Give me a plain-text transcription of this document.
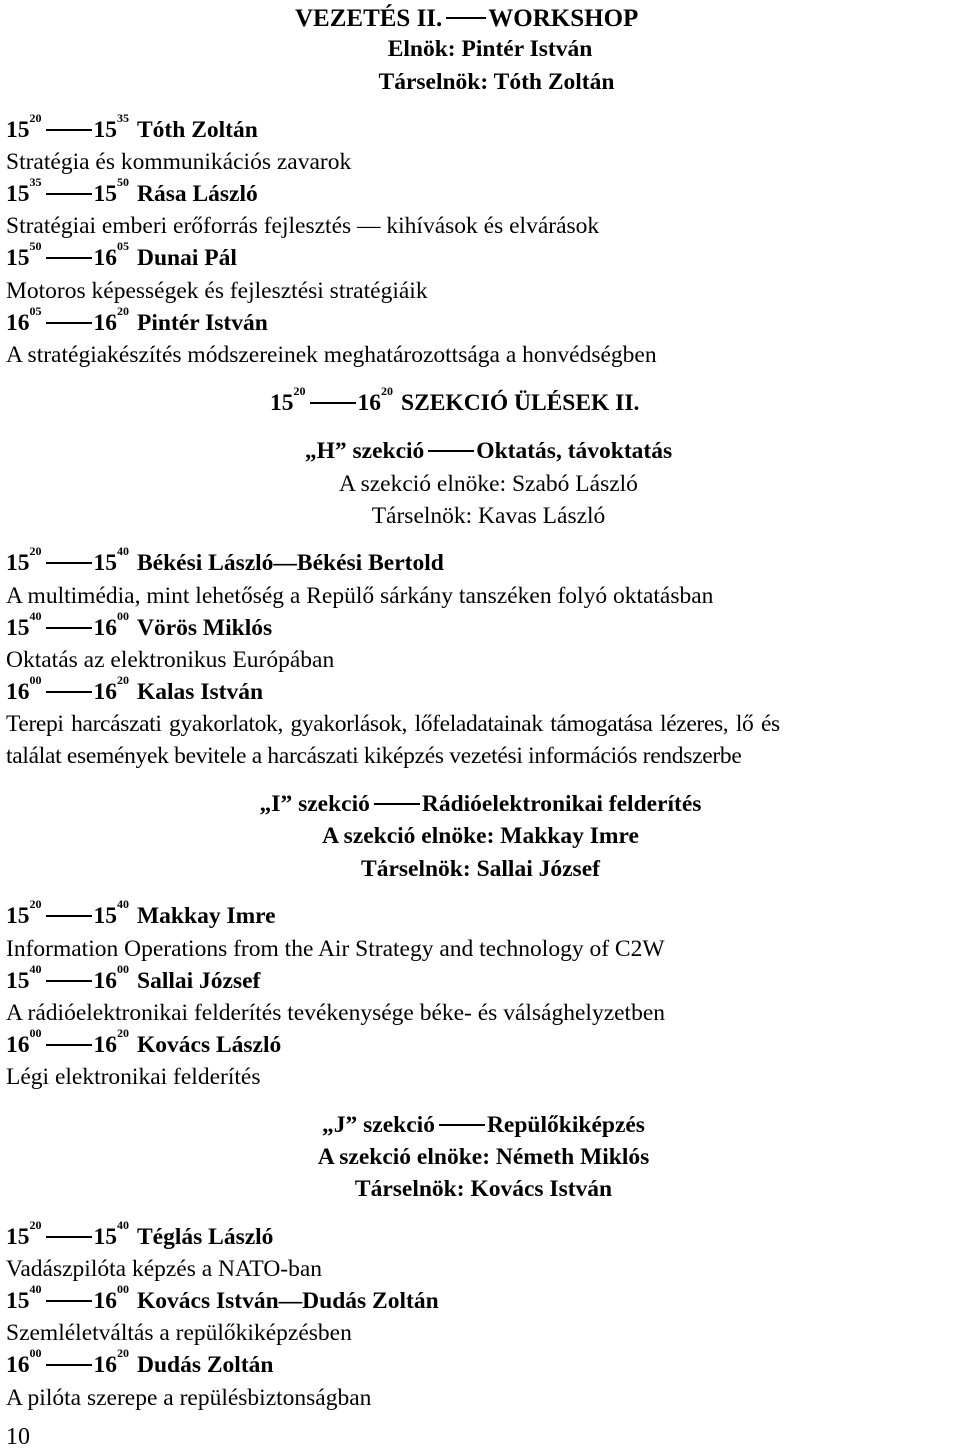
VEZETÉS II. WORKSHOP
Elnök: Pintér István
Társelnök: Tóth Zoltán
$15^{20}$ $15^{35}$ Tóth Zoltán
Stratégia és kommunikációs zavarok
$15^{35}$ $15^{50}$ Rása László
Stratégiai emberi erőforrás fejlesztés — kihívások és elvárások
$15^{50}$ $16^{05}$ Dunai Pál
Motoros képességek és fejlesztési stratégiáik
$16^{05}$ $16^{20}$ Pintér István
A stratégiakészítés módszereinek meghatározottsága a honvédségben
$15^{20}$ $16^{20}$ SZEKCIÓ ÜLÉSEK II.
„H” szekció Oktatás, távoktatás
A szekció elnöke: Szabó László
Társelnök: Kavas László
$15^{20}$ $15^{40}$ Békési László—Békési Bertold
A multimédia, mint lehetőség a Repülő sárkány tanszéken folyó oktatásban
$15^{40}$ $16^{00}$ Vörös Miklós
Oktatás az elektronikus Európában
$16^{00}$ $16^{20}$ Kalas István
Terepi harcászati gyakorlatok, gyakorlások, lőfeladatainak támogatása lézeres, lő és
találat események bevitele a harcászati kiképzés vezetési információs rendszerbe
„I” szekció Rádióelektronikai felderítés
A szekció elnöke: Makkay Imre
Társelnök: Sallai József
$15^{20}$ $15^{40}$ Makkay Imre
Information Operations from the Air Strategy and technology of C2W
$15^{40}$ $16^{00}$ Sallai József
A rádióelektronikai felderítés tevékenysége béke- és válsághelyzetben
$16^{00}$ $16^{20}$ Kovács László
Légi elektronikai felderítés
„J” szekció Repülőkiképzés
A szekció elnöke: Németh Miklós
Társelnök: Kovács István
$15^{20}$ $15^{40}$ Téglás László
Vadászpilóta képzés a NATO-ban
$15^{40}$ $16^{00}$ Kovács István—Dudás Zoltán
Szemléletváltás a repülőkiképzésben
$16^{00}$ $16^{20}$ Dudás Zoltán
A pilóta szerepe a repülésbiztonságban
10
